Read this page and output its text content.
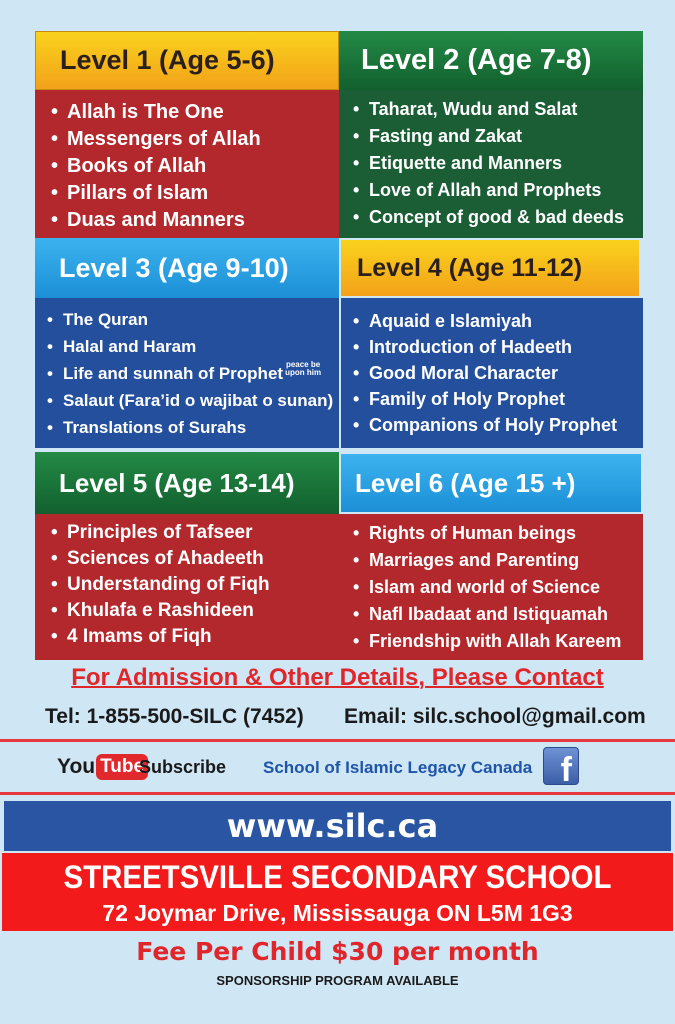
Level 1 (Age 5-6)	Level 2 (Age 7-8)
• Allah is The One
• Messengers of Allah
• Books of Allah
• Pillars of Islam
• Duas and Manners
• Taharat, Wudu and Salat
• Fasting and Zakat
• Etiquette and Manners
• Love of Allah and Prophets
• Concept of good & bad deeds
Level 3 (Age 9-10)	Level 4 (Age 11-12)
• The Quran
• Halal and Haram
• Life and sunnah of Prophet peace be
upon him
• Salaut (Fara’id o wajibat o sunan)
• Translations of Surahs
• Aquaid e Islamiyah
• Introduction of Hadeeth
• Good Moral Character
• Family of Holy Prophet
• Companions of Holy Prophet
Level 5 (Age 13-14) Level 6 (Age 15 +)
• Principles of Tafseer
• Sciences of Ahadeeth
• Understanding of Fiqh
• Khulafa e Rashideen
• 4 Imams of Fiqh
• Rights of Human beings
• Marriages and Parenting
• Islam and world of Science
• Nafl Ibadaat and Istiquamah
• Friendship with Allah Kareem
For Admission & Other Details, Please Contact
Tel: 1-855-500-SILC (7452) Email: silc.school@gmail.com
You Tube
Subscribe School of Islamic Legacy Canada f
www.silc.ca
STREETSVILLE SECONDARY SCHOOL
72 Joymar Drive, Mississauga ON L5M 1G3
Fee Per Child $30 per month
SPONSORSHIP PROGRAM AVAILABLE
